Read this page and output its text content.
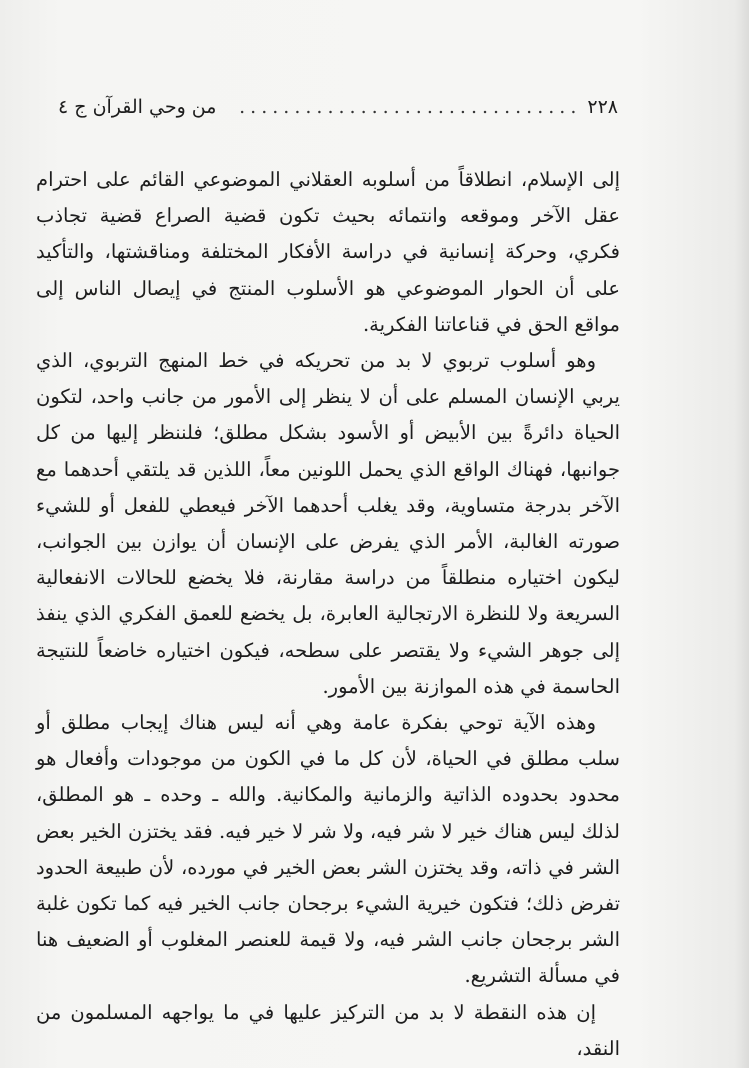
٢٢٨
...............................
من وحي القرآن ج ٤

إلى الإسلام، انطلاقاً من أسلوبه العقلاني الموضوعي القائم على احترام عقل الآخر وموقعه وانتمائه بحيث تكون قضية الصراع قضية تجاذب فكري، وحركة إنسانية في دراسة الأفكار المختلفة ومناقشتها، والتأكيد على أن الحوار الموضوعي هو الأسلوب المنتج في إيصال الناس إلى مواقع الحق في قناعاتنا الفكرية.

وهو أسلوب تربوي لا بد من تحريكه في خط المنهج التربوي، الذي يربي الإنسان المسلم على أن لا ينظر إلى الأمور من جانب واحد، لتكون الحياة دائرةً بين الأبيض أو الأسود بشكل مطلق؛ فلننظر إليها من كل جوانبها، فهناك الواقع الذي يحمل اللونين معاً، اللذين قد يلتقي أحدهما مع الآخر بدرجة متساوية، وقد يغلب أحدهما الآخر فيعطي للفعل أو للشيء صورته الغالبة، الأمر الذي يفرض على الإنسان أن يوازن بين الجوانب، ليكون اختياره منطلقاً من دراسة مقارنة، فلا يخضع للحالات الانفعالية السريعة ولا للنظرة الارتجالية العابرة، بل يخضع للعمق الفكري الذي ينفذ إلى جوهر الشيء ولا يقتصر على سطحه، فيكون اختياره خاضعاً للنتيجة الحاسمة في هذه الموازنة بين الأمور.

وهذه الآية توحي بفكرة عامة وهي أنه ليس هناك إيجاب مطلق أو سلب مطلق في الحياة، لأن كل ما في الكون من موجودات وأفعال هو محدود بحدوده الذاتية والزمانية والمكانية. والله ـ وحده ـ هو المطلق، لذلك ليس هناك خير لا شر فيه، ولا شر لا خير فيه. فقد يختزن الخير بعض الشر في ذاته، وقد يختزن الشر بعض الخير في مورده، لأن طبيعة الحدود تفرض ذلك؛ فتكون خيرية الشيء برجحان جانب الخير فيه كما تكون غلبة الشر برجحان جانب الشر فيه، ولا قيمة للعنصر المغلوب أو الضعيف هنا في مسألة التشريع.

إن هذه النقطة لا بد من التركيز عليها في ما يواجهه المسلمون من النقد،
